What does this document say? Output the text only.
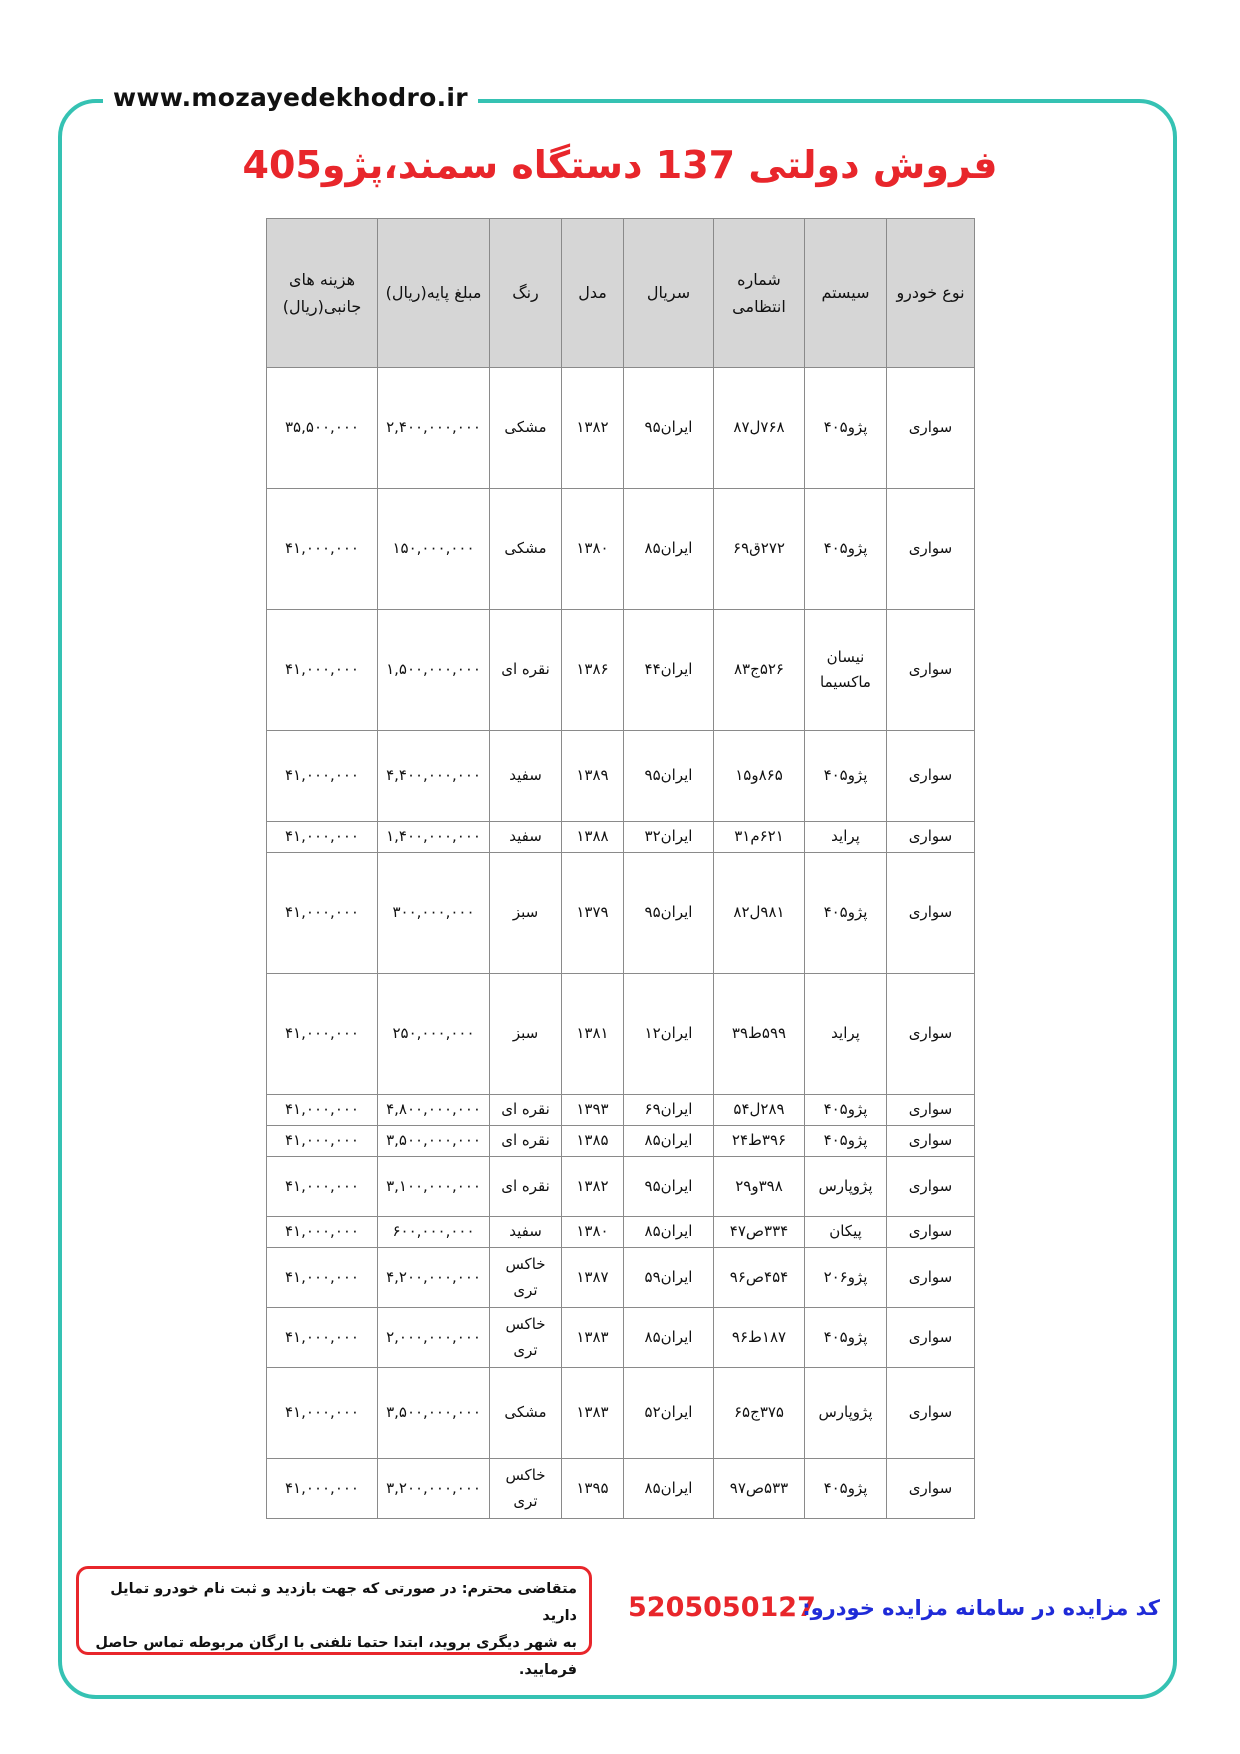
www.mozayedekhodro.ir
فروش دولتی 137 دستگاه سمند،پژو405
نوع خودرو	سیستم	شماره انتظامی	سریال	مدل	رنگ	مبلغ پایه(ریال)	هزینه های جانبی(ریال)
سواری	پژو۴۰۵	۷۶۸ل۸۷	ایران۹۵	۱۳۸۲	مشکی	۲,۴۰۰,۰۰۰,۰۰۰	۳۵,۵۰۰,۰۰۰
سواری	پژو۴۰۵	۲۷۲ق۶۹	ایران۸۵	۱۳۸۰	مشکی	۱۵۰,۰۰۰,۰۰۰	۴۱,۰۰۰,۰۰۰
سواری	نیسان ماکسیما	۵۲۶ج۸۳	ایران۴۴	۱۳۸۶	نقره ای	۱,۵۰۰,۰۰۰,۰۰۰	۴۱,۰۰۰,۰۰۰
سواری	پژو۴۰۵	۸۶۵و۱۵	ایران۹۵	۱۳۸۹	سفید	۴,۴۰۰,۰۰۰,۰۰۰	۴۱,۰۰۰,۰۰۰
سواری	پراید	۶۲۱م۳۱	ایران۳۲	۱۳۸۸	سفید	۱,۴۰۰,۰۰۰,۰۰۰	۴۱,۰۰۰,۰۰۰
سواری	پژو۴۰۵	۹۸۱ل۸۲	ایران۹۵	۱۳۷۹	سبز	۳۰۰,۰۰۰,۰۰۰	۴۱,۰۰۰,۰۰۰
سواری	پراید	۵۹۹ط۳۹	ایران۱۲	۱۳۸۱	سبز	۲۵۰,۰۰۰,۰۰۰	۴۱,۰۰۰,۰۰۰
سواری	پژو۴۰۵	۲۸۹ل۵۴	ایران۶۹	۱۳۹۳	نقره ای	۴,۸۰۰,۰۰۰,۰۰۰	۴۱,۰۰۰,۰۰۰
سواری	پژو۴۰۵	۳۹۶ط۲۴	ایران۸۵	۱۳۸۵	نقره ای	۳,۵۰۰,۰۰۰,۰۰۰	۴۱,۰۰۰,۰۰۰
سواری	پژوپارس	۳۹۸و۲۹	ایران۹۵	۱۳۸۲	نقره ای	۳,۱۰۰,۰۰۰,۰۰۰	۴۱,۰۰۰,۰۰۰
سواری	پیکان	۳۳۴ص۴۷	ایران۸۵	۱۳۸۰	سفید	۶۰۰,۰۰۰,۰۰۰	۴۱,۰۰۰,۰۰۰
سواری	پژو۲۰۶	۴۵۴ص۹۶	ایران۵۹	۱۳۸۷	خاکس تری	۴,۲۰۰,۰۰۰,۰۰۰	۴۱,۰۰۰,۰۰۰
سواری	پژو۴۰۵	۱۸۷ط۹۶	ایران۸۵	۱۳۸۳	خاکس تری	۲,۰۰۰,۰۰۰,۰۰۰	۴۱,۰۰۰,۰۰۰
سواری	پژوپارس	۳۷۵ج۶۵	ایران۵۲	۱۳۸۳	مشکی	۳,۵۰۰,۰۰۰,۰۰۰	۴۱,۰۰۰,۰۰۰
سواری	پژو۴۰۵	۵۳۳ص۹۷	ایران۸۵	۱۳۹۵	خاکس تری	۳,۲۰۰,۰۰۰,۰۰۰	۴۱,۰۰۰,۰۰۰
متقاضی محترم: در صورتی که جهت بازدید و ثبت نام خودرو تمایل دارید
به شهر دیگری بروید، ابتدا حتما تلفنی با ارگان مربوطه تماس حاصل فرمایید.
5205050127
کد مزایده در سامانه مزایده خودرو:
